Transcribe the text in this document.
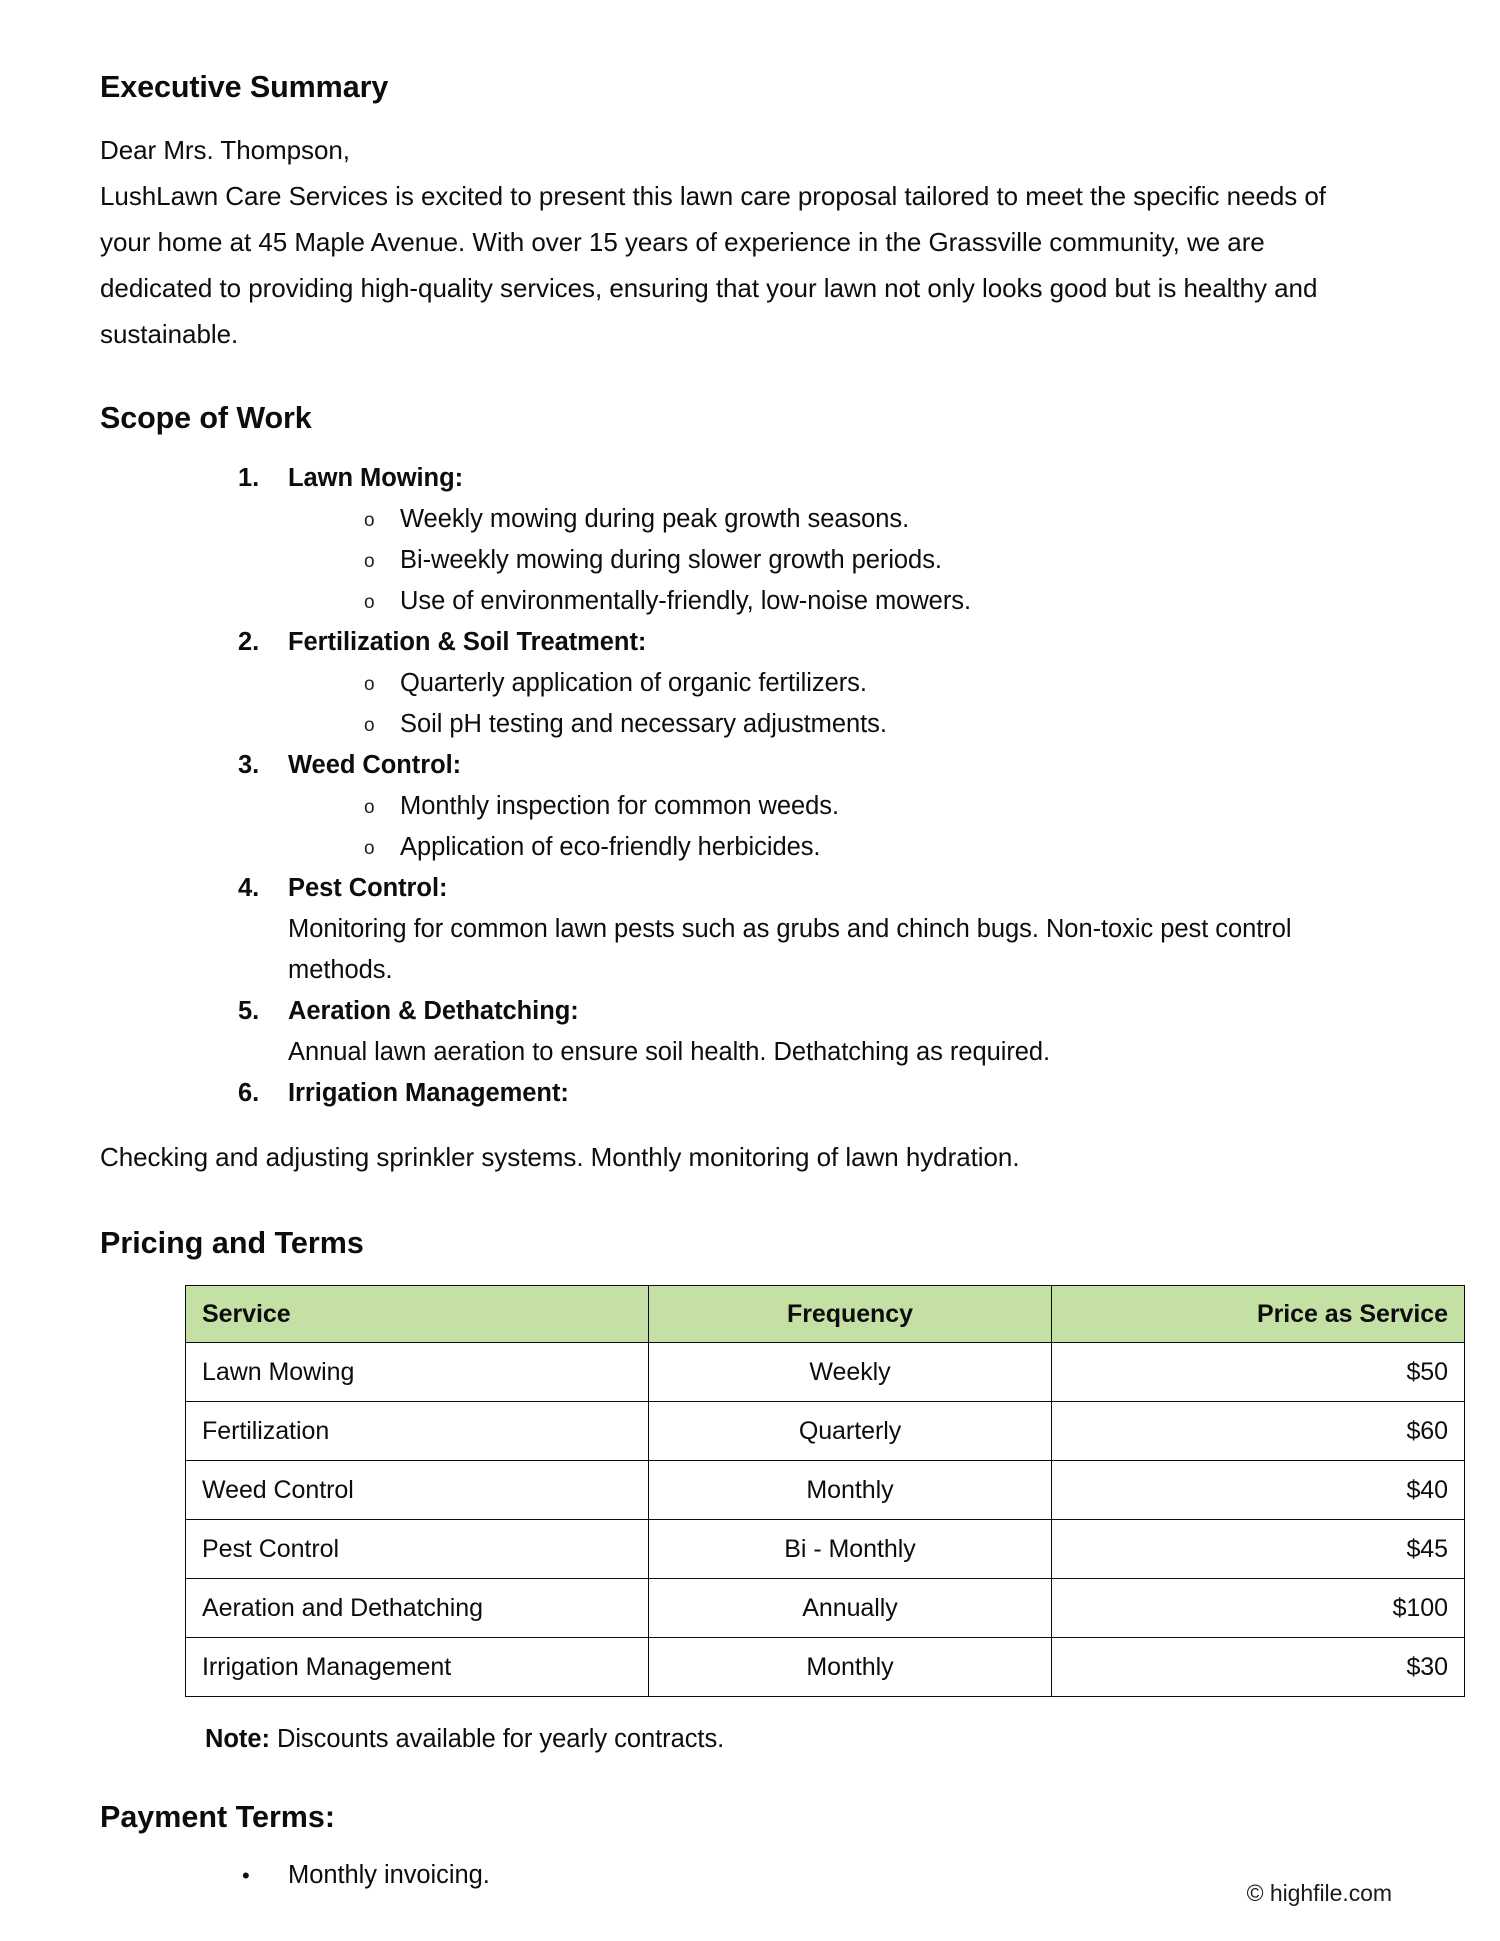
Executive Summary

Dear Mrs. Thompson,

LushLawn Care Services is excited to present this lawn care proposal tailored to meet the specific needs of your home at 45 Maple Avenue. With over 15 years of experience in the Grassville community, we are dedicated to providing high-quality services, ensuring that your lawn not only looks good but is healthy and sustainable.

Scope of Work
1.	Lawn Mowing:
o Weekly mowing during peak growth seasons.
o Bi-weekly mowing during slower growth periods.
o Use of environmentally-friendly, low-noise mowers.
2.	Fertilization & Soil Treatment:
o Quarterly application of organic fertilizers.
o Soil pH testing and necessary adjustments.
3.	Weed Control:
o Monthly inspection for common weeds.
o Application of eco-friendly herbicides.
4.	Pest Control:
Monitoring for common lawn pests such as grubs and chinch bugs. Non-toxic pest control methods.
5.	Aeration & Dethatching:
Annual lawn aeration to ensure soil health. Dethatching as required.
6.	Irrigation Management:

Checking and adjusting sprinkler systems. Monthly monitoring of lawn hydration.

Pricing and Terms
Service	Frequency	Price as Service
Lawn Mowing	Weekly	$50
Fertilization	Quarterly	$60
Weed Control	Monthly	$40
Pest Control	Bi - Monthly	$45
Aeration and Dethatching	Annually	$100
Irrigation Management	Monthly	$30

Note: Discounts available for yearly contracts.

Payment Terms:
• Monthly invoicing.
© highfile.com
